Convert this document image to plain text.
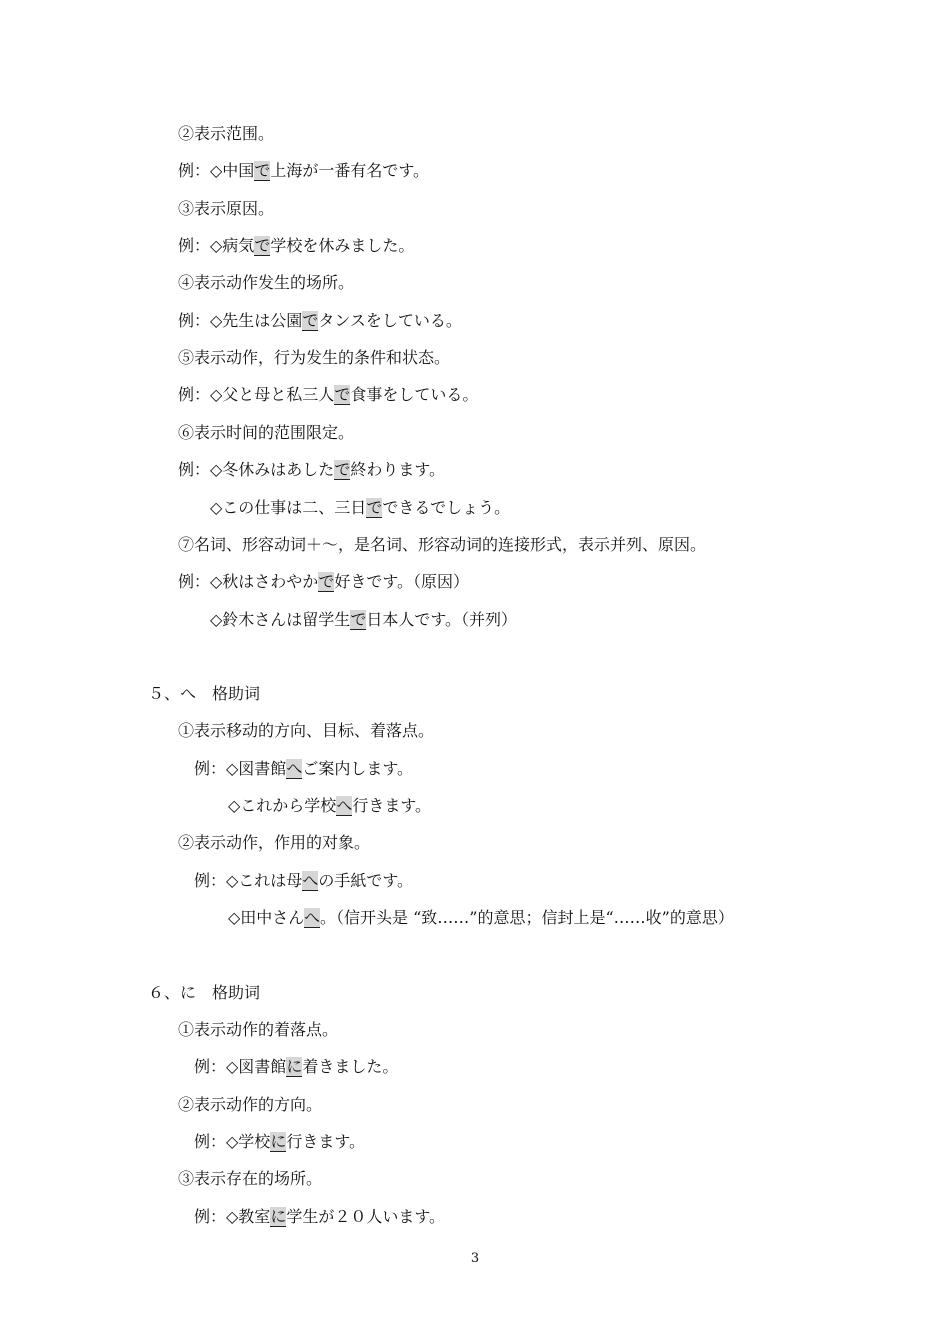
②表示范围。
例：◇中国で上海が一番有名です。
③表示原因。
例：◇病気で学校を休みました。
④表示动作发生的场所。
例：◇先生は公園でタンスをしている。
⑤表示动作，行为发生的条件和状态。
例：◇父と母と私三人で食事をしている。
⑥表示时间的范围限定。
例：◇冬休みはあしたで終わります。
◇この仕事は二、三日でできるでしょう。
⑦名词、形容动词＋～，是名词、形容动词的连接形式，表示并列、原因。
例：◇秋はさわやかで好きです。（原因）
◇鈴木さんは留学生で日本人です。（并列）
５、へ　格助词
①表示移动的方向、目标、着落点。
例：◇図書館へご案内します。
◇これから学校へ行きます。
②表示动作，作用的对象。
例：◇これは母への手紙です。
◇田中さんへ。（信开头是 “致……”的意思；信封上是“……收”的意思）
６、に　格助词
①表示动作的着落点。
例：◇図書館に着きました。
②表示动作的方向。
例：◇学校に行きます。
③表示存在的场所。
例：◇教室に学生が２０人います。
3
